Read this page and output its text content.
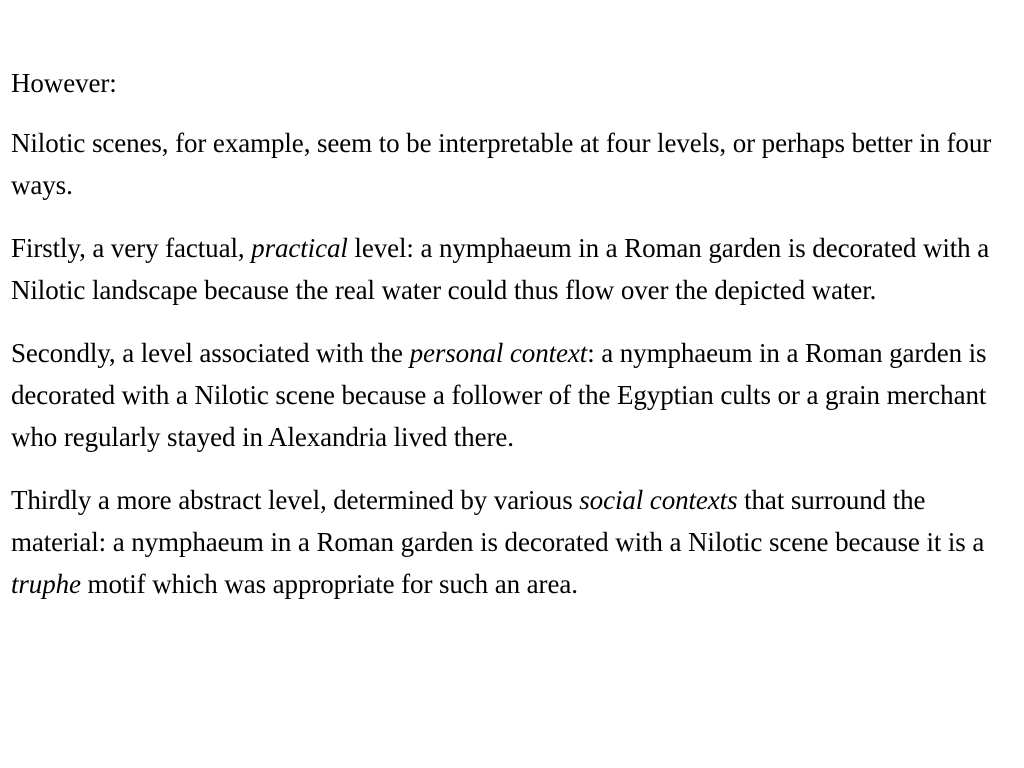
However:

Nilotic scenes, for example, seem to be interpretable at four levels, or perhaps better in four ways.

Firstly, a very factual, practical level: a nymphaeum in a Roman garden is decorated with a Nilotic landscape because the real water could thus flow over the depicted water.

Secondly, a level associated with the personal context: a nymphaeum in a Roman garden is decorated with a Nilotic scene because a follower of the Egyptian cults or a grain merchant who regularly stayed in Alexandria lived there.

Thirdly a more abstract level, determined by various social contexts that surround the material: a nymphaeum in a Roman garden is decorated with a Nilotic scene because it is a truphe motif which was appropriate for such an area.
